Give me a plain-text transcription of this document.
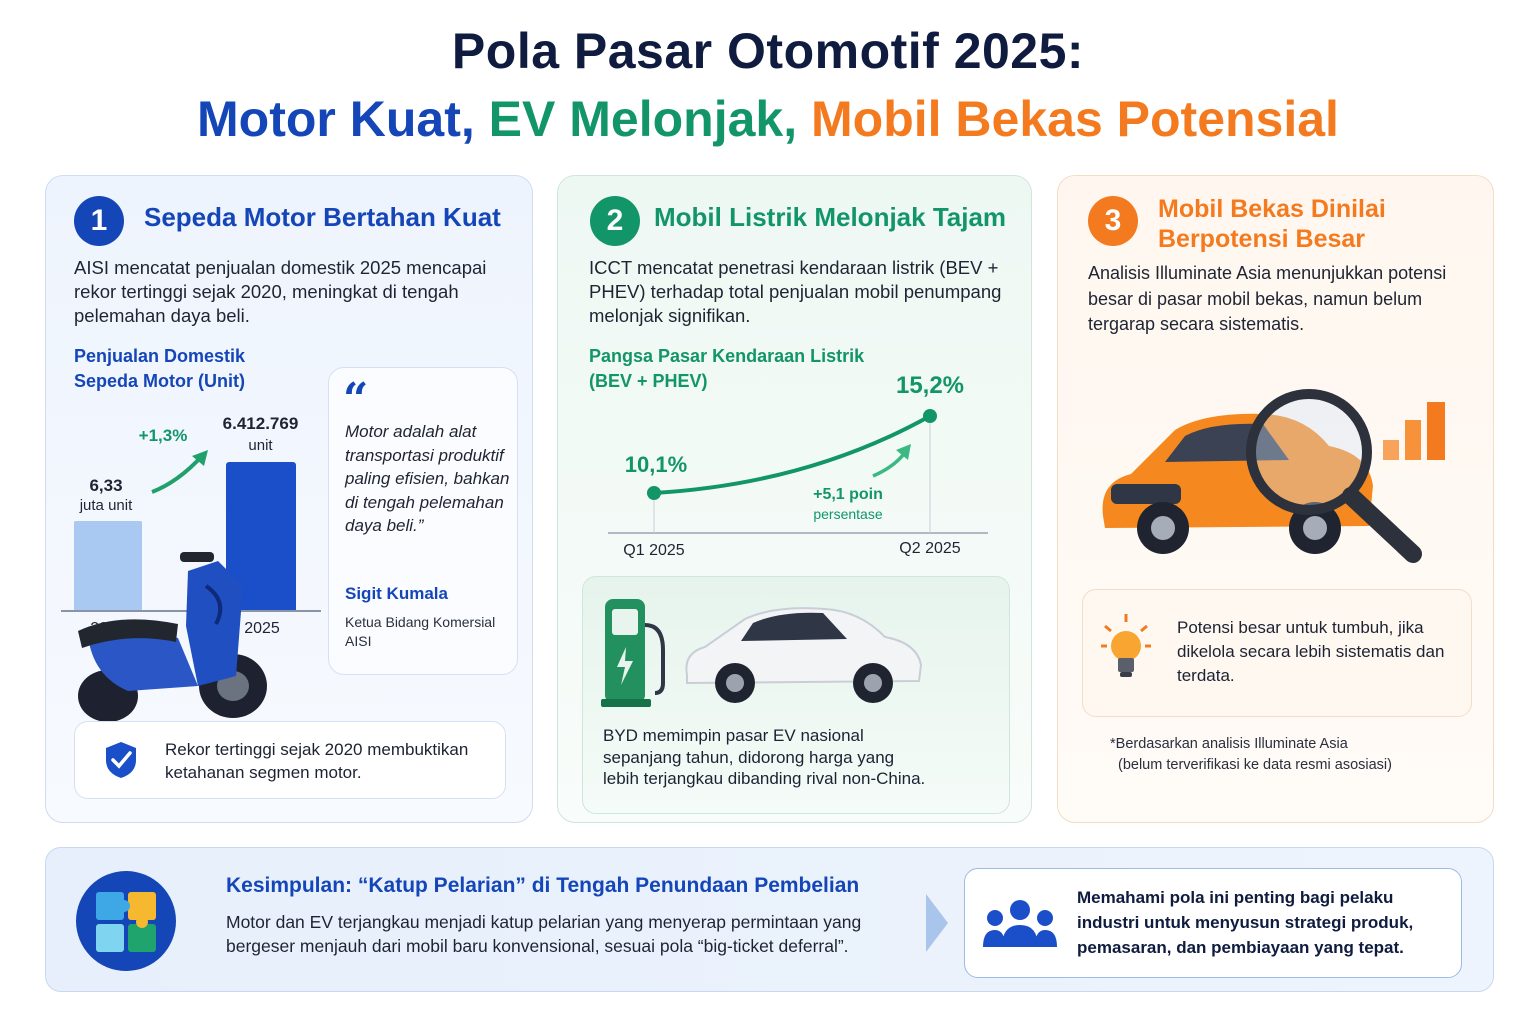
Pola Pasar Otomotif 2025:
Motor Kuat, EV Melonjak, Mobil Bekas Potensial
1	Sepeda Motor Bertahan Kuat
AISI mencatat penjualan domestik 2025 mencapai rekor tertinggi sejak 2020, meningkat di tengah pelemahan daya beli.
Penjualan Domestik Sepeda Motor (Unit)
6,33
juta unit
6.412.769
unit
+1,3%
2025
“
Motor adalah alat transportasi produktif paling efisien, bahkan di tengah pelemahan daya beli.”
Sigit Kumala
Ketua Bidang Komersial AISI
Rekor tertinggi sejak 2020 membuktikan ketahanan segmen motor.
2	Mobil Listrik Melonjak Tajam
ICCT mencatat penetrasi kendaraan listrik (BEV + PHEV) terhadap total penjualan mobil penumpang melonjak signifikan.
Pangsa Pasar Kendaraan Listrik (BEV + PHEV)
10,1%
15,2%
+5,1 poin
persentase
Q1 2025	Q2 2025
BYD memimpin pasar EV nasional sepanjang tahun, didorong harga yang lebih terjangkau dibanding rival non-China.
3	Mobil Bekas Dinilai Berpotensi Besar
Analisis Illuminate Asia menunjukkan potensi besar di pasar mobil bekas, namun belum tergarap secara sistematis.
Potensi besar untuk tumbuh, jika dikelola secara lebih sistematis dan terdata.
*Berdasarkan analisis Illuminate Asia
(belum terverifikasi ke data resmi asosiasi)
Kesimpulan: “Katup Pelarian” di Tengah Penundaan Pembelian
Motor dan EV terjangkau menjadi katup pelarian yang menyerap permintaan yang bergeser menjauh dari mobil baru konvensional, sesuai pola “big-ticket deferral”.
Memahami pola ini penting bagi pelaku industri untuk menyusun strategi produk, pemasaran, dan pembiayaan yang tepat.
